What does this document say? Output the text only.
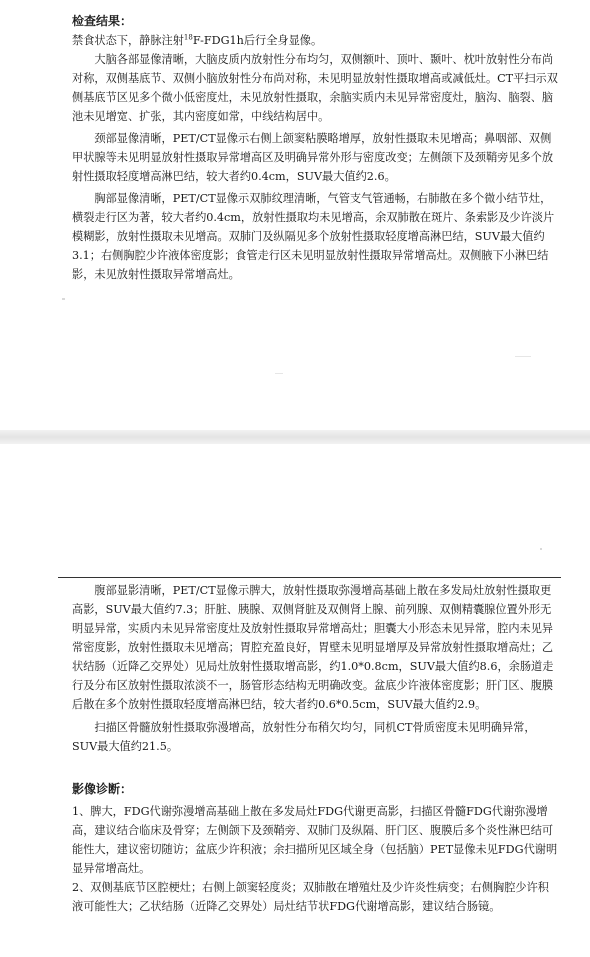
检查结果：

禁食状态下，静脉注射$^{18}$F-FDG1h后行全身显像。

大脑各部显像清晰，大脑皮质内放射性分布均匀，双侧额叶、顶叶、颞叶、枕叶放射性分布尚对称，双侧基底节、双侧小脑放射性分布尚对称，未见明显放射性摄取增高或减低灶。CT平扫示双侧基底节区见多个微小低密度灶，未见放射性摄取，余脑实质内未见异常密度灶，脑沟、脑裂、脑池未见增宽、扩张，其内密度如常，中线结构居中。

颈部显像清晰，PET/CT显像示右侧上颌窦粘膜略增厚，放射性摄取未见增高；鼻咽部、双侧甲状腺等未见明显放射性摄取异常增高区及明确异常外形与密度改变；左侧颌下及颈鞘旁见多个放射性摄取轻度增高淋巴结，较大者约0.4cm，SUV最大值约2.6。

胸部显像清晰，PET/CT显像示双肺纹理清晰，气管支气管通畅，右肺散在多个微小结节灶，横裂走行区为著，较大者约0.4cm，放射性摄取均未见增高，余双肺散在斑片、条索影及少许淡片模糊影，放射性摄取未见增高。双肺门及纵隔见多个放射性摄取轻度增高淋巴结，SUV最大值约3.1；右侧胸腔少许液体密度影；食管走行区未见明显放射性摄取异常增高灶。双侧腋下小淋巴结影，未见放射性摄取异常增高灶。

腹部显影清晰，PET/CT显像示脾大，放射性摄取弥漫增高基础上散在多发局灶放射性摄取更高影，SUV最大值约7.3；肝脏、胰腺、双侧肾脏及双侧肾上腺、前列腺、双侧精囊腺位置外形无明显异常，实质内未见异常密度灶及放射性摄取异常增高灶；胆囊大小形态未见异常，腔内未见异常密度影，放射性摄取未见增高；胃腔充盈良好，胃壁未见明显增厚及异常放射性摄取增高灶；乙状结肠（近降乙交界处）见局灶放射性摄取增高影，约1.0*0.8cm，SUV最大值约8.6，余肠道走行及分布区放射性摄取浓淡不一，肠管形态结构无明确改变。盆底少许液体密度影；肝门区、腹膜后散在多个放射性摄取轻度增高淋巴结，较大者约0.6*0.5cm，SUV最大值约2.9。

扫描区骨髓放射性摄取弥漫增高，放射性分布稍欠均匀，同机CT骨质密度未见明确异常，SUV最大值约21.5。

影像诊断：

1、脾大，FDG代谢弥漫增高基础上散在多发局灶FDG代谢更高影，扫描区骨髓FDG代谢弥漫增高，建议结合临床及骨穿；左侧颌下及颈鞘旁、双肺门及纵隔、肝门区、腹膜后多个炎性淋巴结可能性大，建议密切随访；盆底少许积液；余扫描所见区域全身（包括脑）PET显像未见FDG代谢明显异常增高灶。

2、双侧基底节区腔梗灶；右侧上颌窦轻度炎；双肺散在增殖灶及少许炎性病变；右侧胸腔少许积液可能性大；乙状结肠（近降乙交界处）局灶结节状FDG代谢增高影，建议结合肠镜。
